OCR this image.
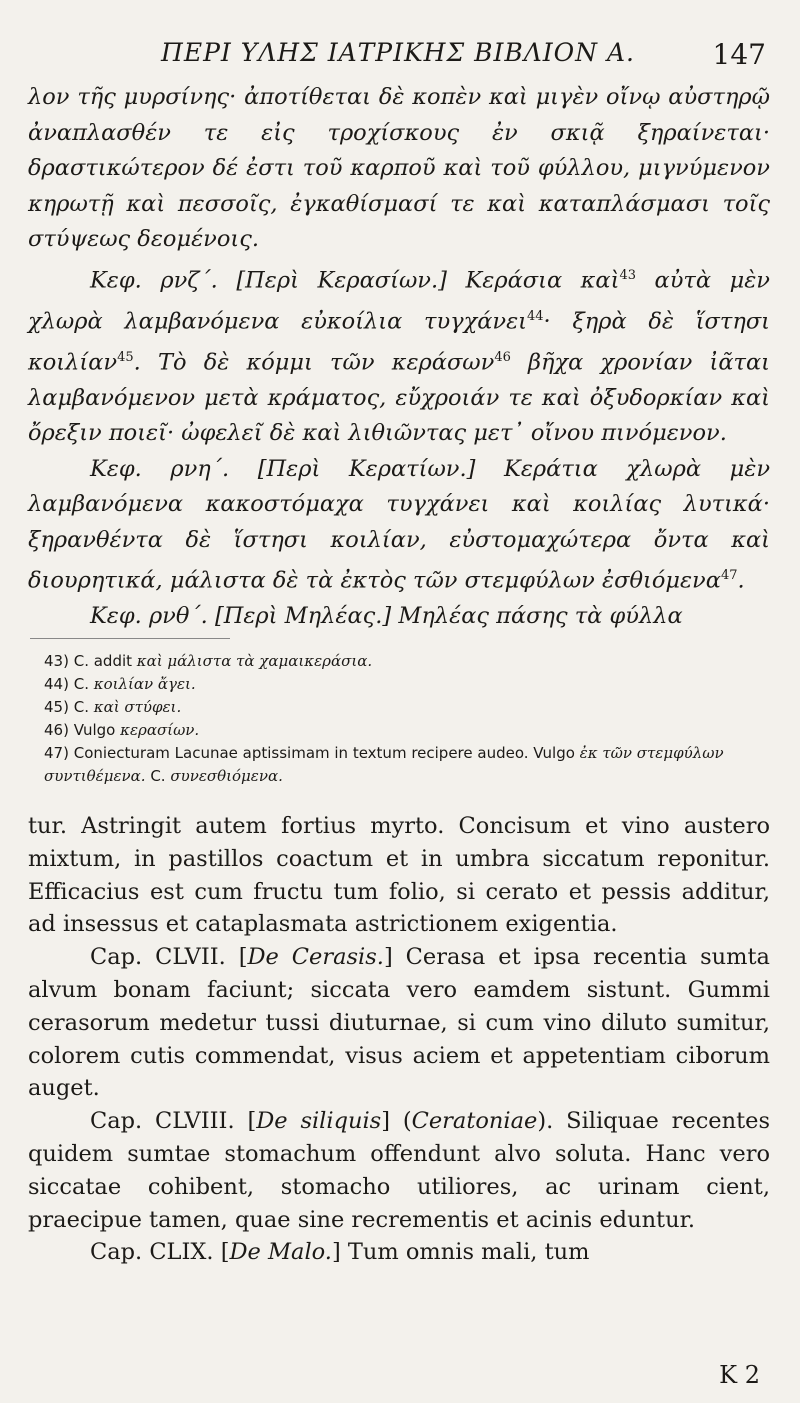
ΠΕΡΙ ΥΛΗΣ ΙΑΤΡΙΚΗΣ ΒΙΒΛΙΟΝ Α.	147

λον τῆς μυρσίνης· ἀποτίθεται δὲ κοπὲν καὶ μιγὲν οἴνῳ αὐστηρῷ ἀναπλασθέν τε εἰς τροχίσκους ἐν σκιᾷ ξηραίνεται· δραστικώτερον δέ ἐστι τοῦ καρποῦ καὶ τοῦ φύλλου, μιγνύμενον κηρωτῇ καὶ πεσσοῖς, ἐγκαθίσμασί τε καὶ καταπλάσμασι τοῖς στύψεως δεομένοις.

Κεφ. ρνζ΄. [Περὶ Κερασίων.] Κεράσια καὶ$^{43}$ αὐτὰ μὲν χλωρὰ λαμβανόμενα εὐκοίλια τυγχάνει$^{44}$· ξηρὰ δὲ ἵστησι κοιλίαν$^{45}$. Τὸ δὲ κόμμι τῶν κεράσων$^{46}$ βῆχα χρονίαν ἰᾶται λαμβανόμενον μετὰ κράματος, εὔχροιάν τε καὶ ὀξυδορκίαν καὶ ὄρεξιν ποιεῖ· ὠφελεῖ δὲ καὶ λιθιῶντας μετ᾽ οἴνου πινόμενον.

Κεφ. ρνη΄. [Περὶ Κερατίων.] Κεράτια χλωρὰ μὲν λαμβανόμενα κακοστόμαχα τυγχάνει καὶ κοιλίας λυτικά· ξηρανθέντα δὲ ἵστησι κοιλίαν, εὐστομαχώτερα ὄντα καὶ διουρητικά, μάλιστα δὲ τὰ ἐκτὸς τῶν στεμφύλων ἐσθιόμενα$^{47}$.

Κεφ. ρνθ΄. [Περὶ Μηλέας.] Μηλέας πάσης τὰ φύλλα

43) C. addit καὶ μάλιστα τὰ χαμαικεράσια.

44) C. κοιλίαν ἄγει.

45) C. καὶ στύφει.

46) Vulgo κερασίων.

47) Coniecturam Lacunae aptissimam in textum recipere audeo. Vulgo ἐκ τῶν στεμφύλων συντιθέμενα. C. συνεσθιόμενα.

tur. Astringit autem fortius myrto. Concisum et vino austero mixtum, in pastillos coactum et in umbra siccatum reponitur. Efficacius est cum fructu tum folio, si cerato et pessis additur, ad insessus et cataplasmata astrictionem exigentia.

Cap. CLVII. [De Cerasis.] Cerasa et ipsa recentia sumta alvum bonam faciunt; siccata vero eamdem sistunt. Gummi cerasorum medetur tussi diuturnae, si cum vino diluto sumitur, colorem cutis commendat, visus aciem et appetentiam ciborum auget.

Cap. CLVIII. [De siliquis] (Ceratoniae). Siliquae recentes quidem sumtae stomachum offendunt alvo soluta. Hanc vero siccatae cohibent, stomacho utiliores, ac urinam cient, praecipue tamen, quae sine recrementis et acinis eduntur.

Cap. CLIX. [De Malo.] Tum omnis mali, tum

K 2
